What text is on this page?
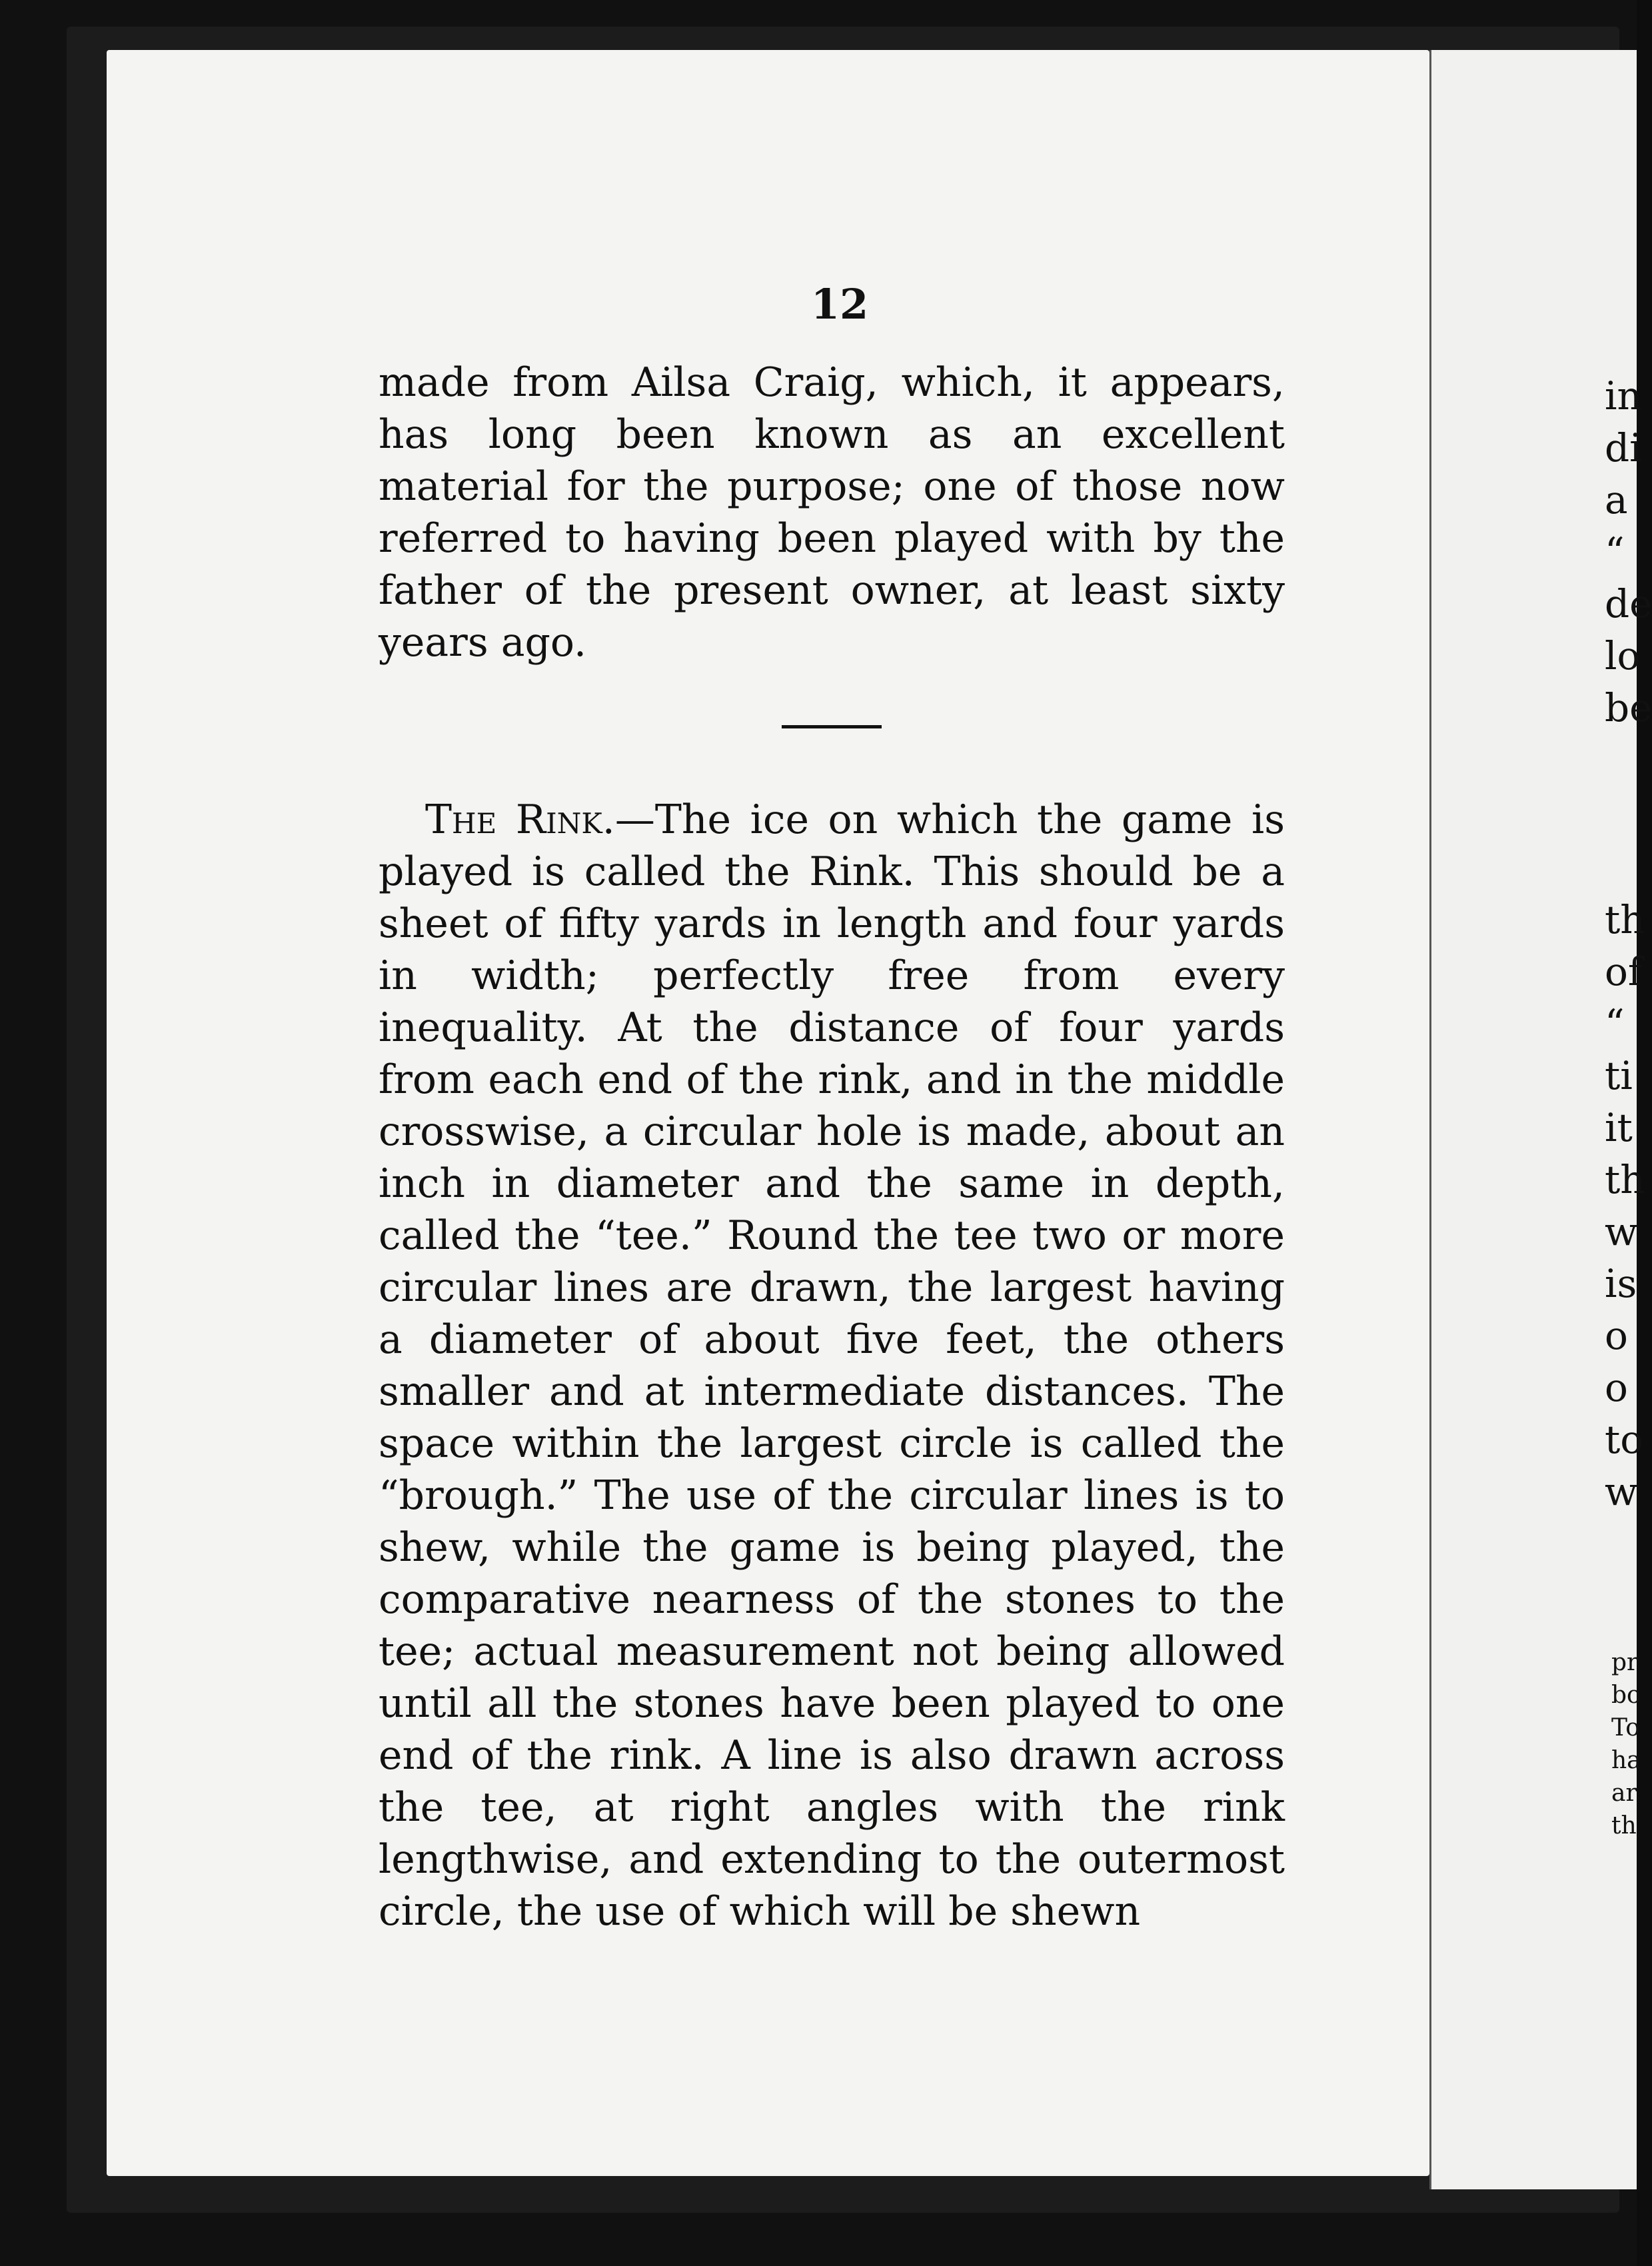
12

made from Ailsa Craig, which, it appears, has long been known as an excellent material for the purpose; one of those now referred to having been played with by the father of the present owner, at least sixty years ago.

The Rink.—The ice on which the game is played is called the Rink. This should be a sheet of fifty yards in length and four yards in width; perfectly free from every inequality. At the distance of four yards from each end of the rink, and in the middle crosswise, a circular hole is made, about an inch in diameter and the same in depth, called the “tee.” Round the tee two or more circular lines are drawn, the largest having a diameter of about five feet, the others smaller and at intermediate distances. The space within the largest circle is called the “brough.” The use of the circular lines is to shew, while the game is being played, the comparative nearness of the stones to the tee; actual measurement not being allowed until all the stones have been played to one end of the rink. A line is also drawn across the tee, at right angles with the rink lengthwise, and extending to the outermost circle, the use of which will be shewn

in
di
a
“
de
lo
be
th
of
“
ti
it
th
w
is
o
o
to
w
pr
bo
To
ha
ar
th
